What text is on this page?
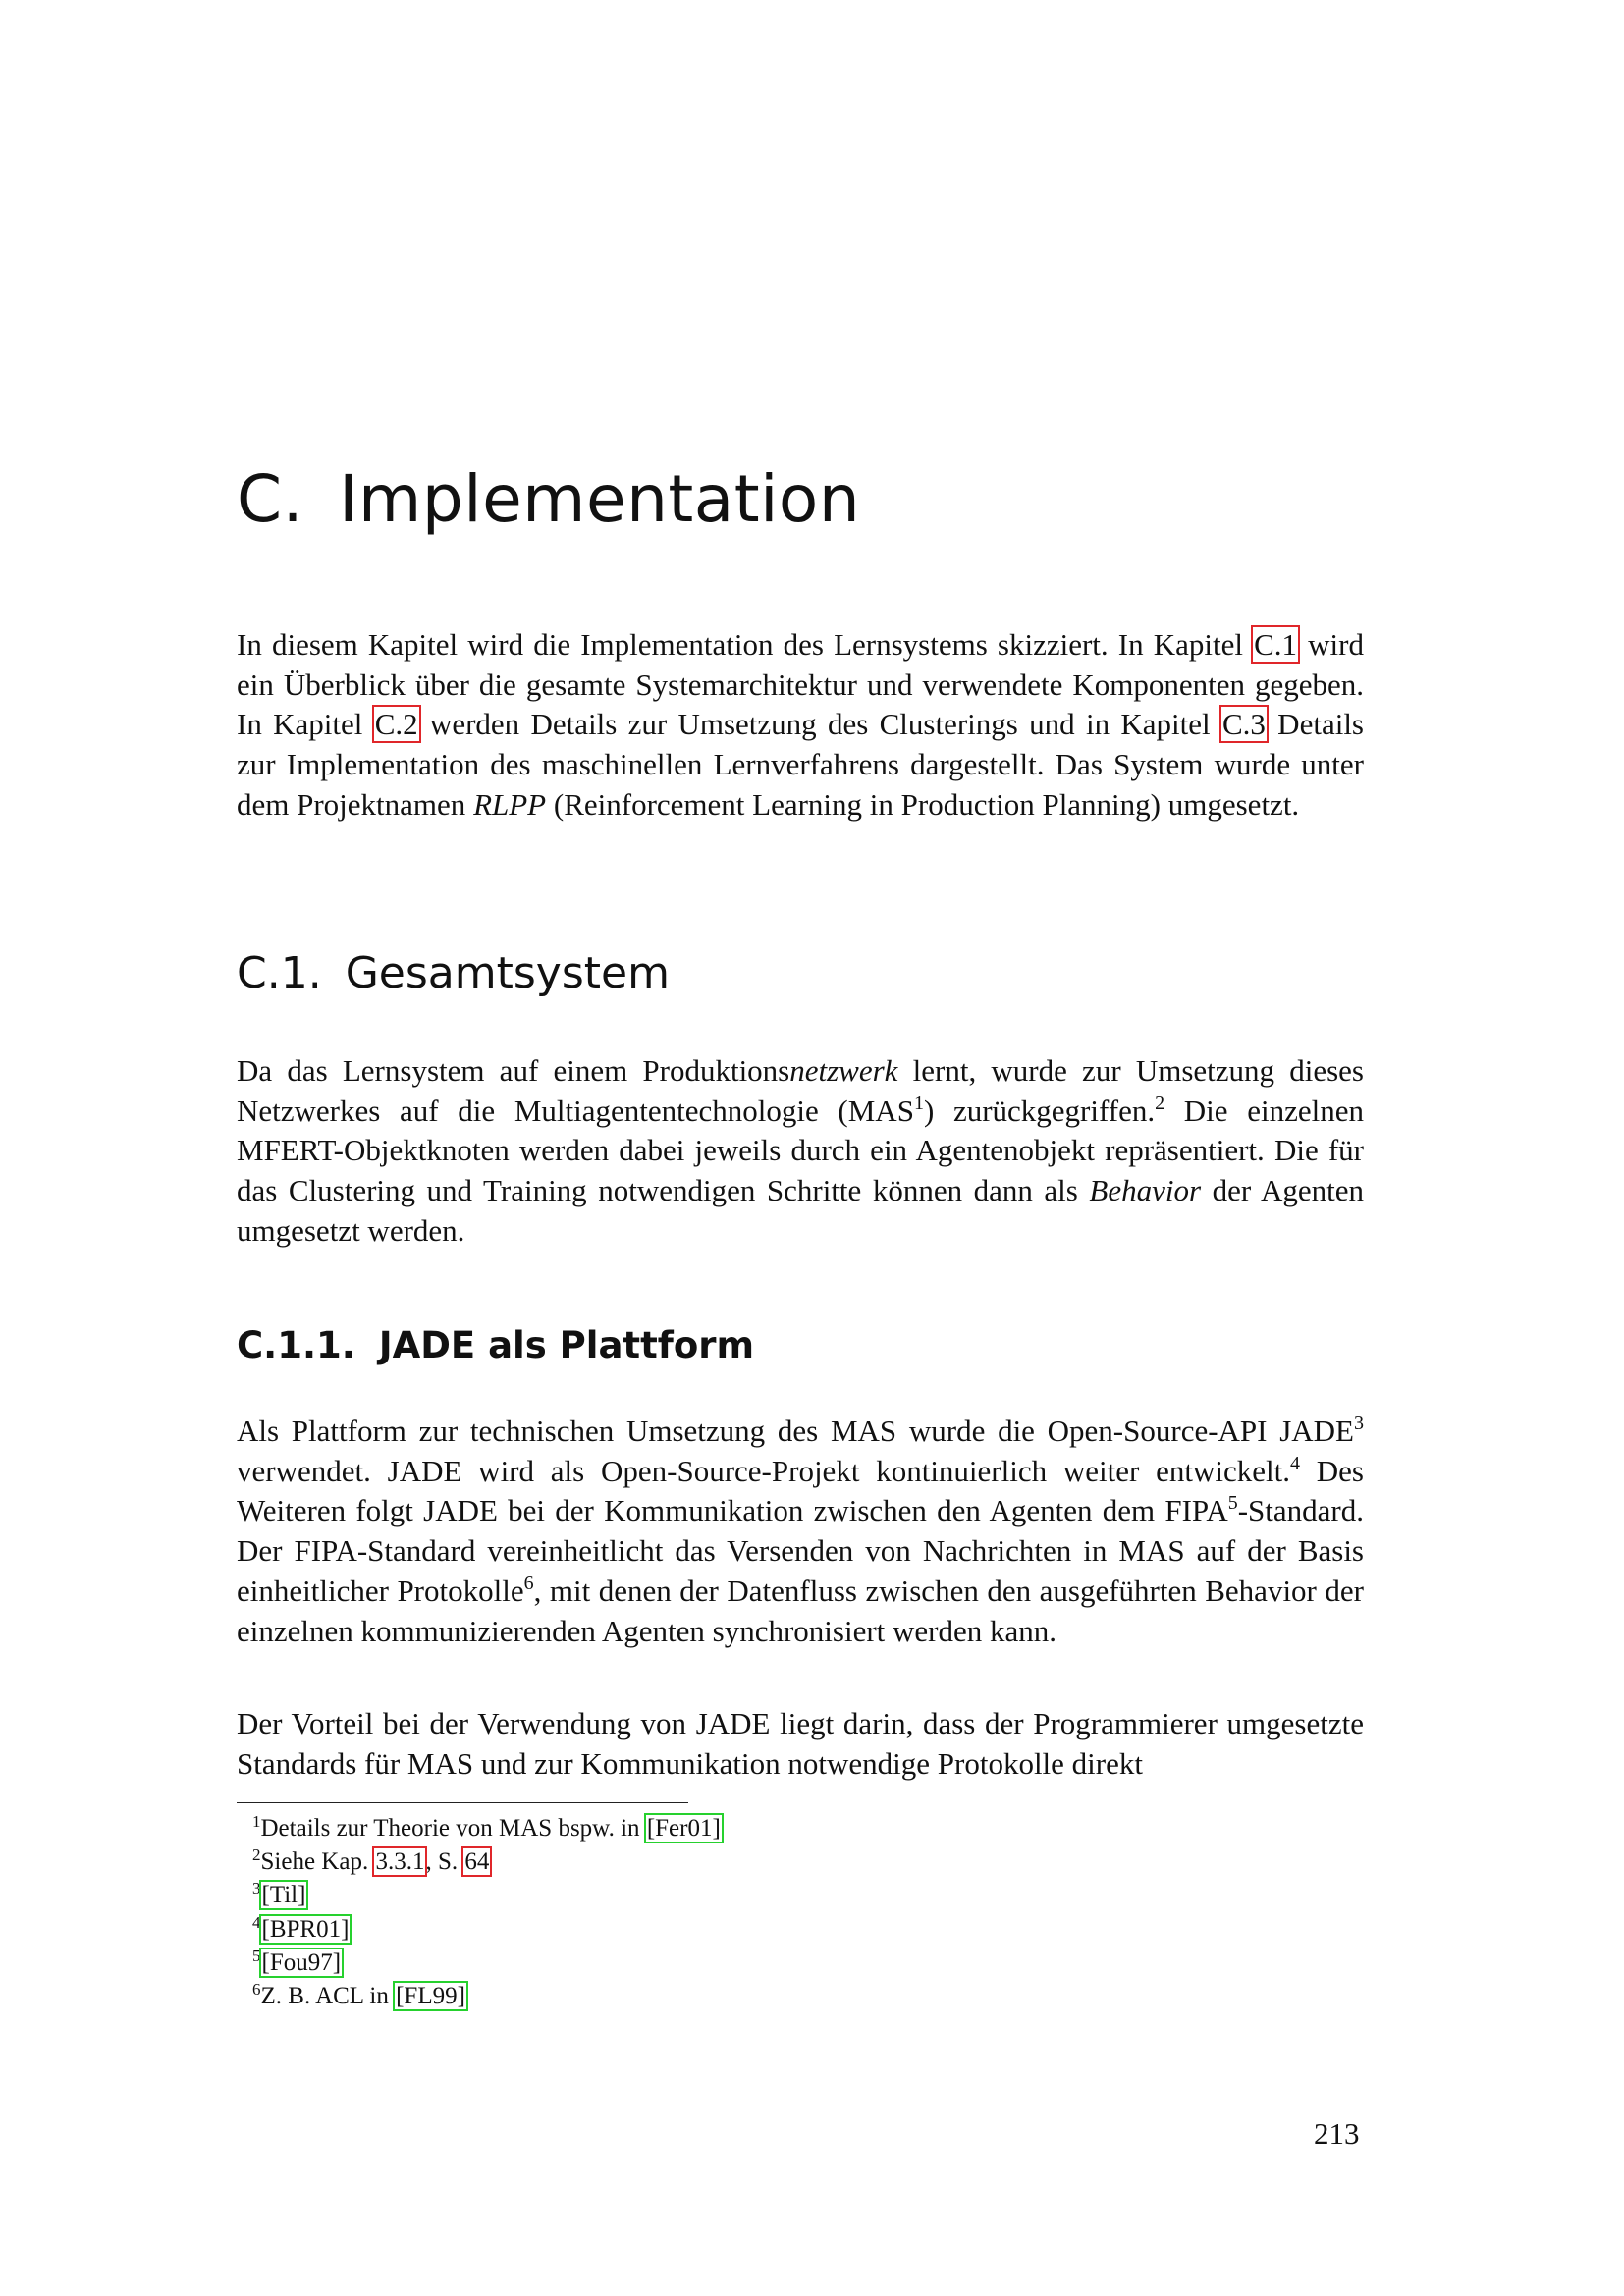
C. Implementation

In diesem Kapitel wird die Implementation des Lernsystems skizziert. In Kapitel C.1 wird ein Überblick über die gesamte Systemarchitektur und verwendete Komponenten gegeben. In Kapitel C.2 werden Details zur Umsetzung des Clusterings und in Kapitel C.3 Details zur Implementation des maschinellen Lernverfahrens dargestellt. Das System wurde unter dem Projektnamen RLPP (Reinforcement Learning in Production Planning) umgesetzt.

C.1. Gesamtsystem

Da das Lernsystem auf einem Produktionsnetzwerk lernt, wurde zur Umsetzung dieses Netzwerkes auf die Multiagententechnologie (MAS$^1$) zurückgegriffen.$^2$ Die einzelnen MFERT-Objektknoten werden dabei jeweils durch ein Agentenobjekt repräsentiert. Die für das Clustering und Training notwendigen Schritte können dann als Behavior der Agenten umgesetzt werden.

C.1.1. JADE als Plattform

Als Plattform zur technischen Umsetzung des MAS wurde die Open-Source-API JADE$^3$ verwendet. JADE wird als Open-Source-Projekt kontinuierlich weiter entwickelt.$^4$ Des Weiteren folgt JADE bei der Kommunikation zwischen den Agenten dem FIPA$^5$-Standard. Der FIPA-Standard vereinheitlicht das Versenden von Nachrichten in MAS auf der Basis einheitlicher Protokolle$^6$, mit denen der Datenfluss zwischen den ausgeführten Behavior der einzelnen kommunizierenden Agenten synchronisiert werden kann.

Der Vorteil bei der Verwendung von JADE liegt darin, dass der Programmierer umgesetzte Standards für MAS und zur Kommunikation notwendige Protokolle direkt

$^1$Details zur Theorie von MAS bspw. in [Fer01]
$^2$Siehe Kap. 3.3.1, S. 64
$^3$[Til]
$^4$[BPR01]
$^5$[Fou97]
$^6$Z. B. ACL in [FL99]
213
